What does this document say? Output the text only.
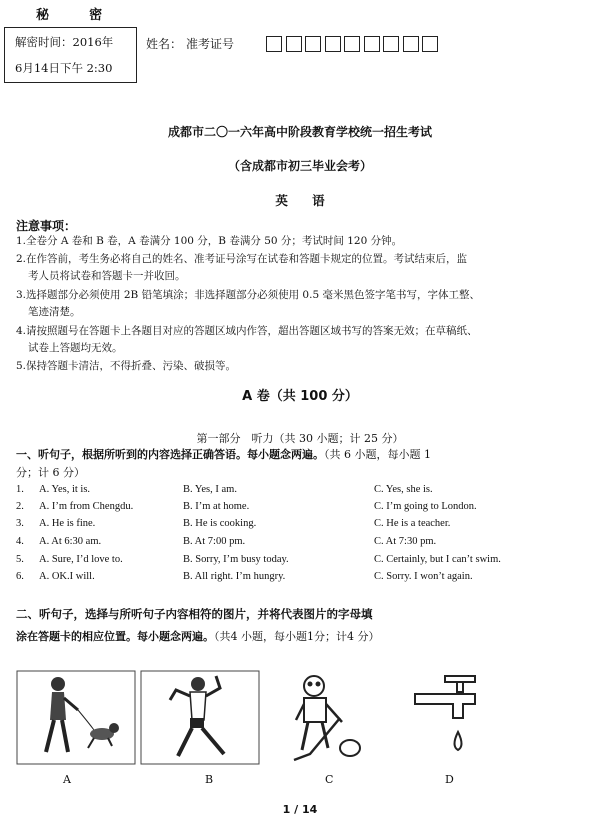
秘	密
解密时间：2016年
6月14日下午 2:30
姓名： 准考证号
成都市二〇一六年高中阶段教育学校统一招生考试
（含成都市初三毕业会考）
英 语
注意事项：
1.全卷分 A 卷和 B 卷，A 卷满分 100 分，B 卷满分 50 分；考试时间 120 分钟。
2.在作答前，考生务必将自己的姓名、准考证号涂写在试卷和答题卡规定的位置。考试结束后，监
考人员将试卷和答题卡一并收回。
3.选择题部分必须使用 2B 铅笔填涂；非选择题部分必须使用 0.5 毫米黑色签字笔书写，字体工整、
笔迹清楚。
4.请按照题号在答题卡上各题目对应的答题区域内作答，超出答题区域书写的答案无效；在草稿纸、
试卷上答题均无效。
5.保持答题卡清洁，不得折叠、污染、破损等。
A 卷（共 100 分）
第一部分　听力（共 30 小题；计 25 分）
一、听句子，根据所听到的内容选择正确答语。每小题念两遍。（共 6 小题，每小题 1
分；计 6 分）
1. A. Yes, it is.	B. Yes, I am.	C. Yes, she is.
2. A. I’m from Chengdu.	B. I’m at home.	C. I’m going to London.
3. A. He is fine.	B. He is cooking.	C. He is a teacher.
4. A. At 6:30 am.	B. At 7:00 pm.	C. At 7:30 pm.
5. A. Sure, I’d love to.	B. Sorry, I’m busy today.	C. Certainly, but I can’t swim.
6. A. OK.I will.	B. All right. I’m hungry.	C. Sorry. I won’t again.
二、听句子，选择与所听句子内容相符的图片，并将代表图片的字母填
涂在答题卡的相应位置。每小题念两遍。（共4 小题，每小题1分；计4 分）
A	B	C	D
1 / 14
